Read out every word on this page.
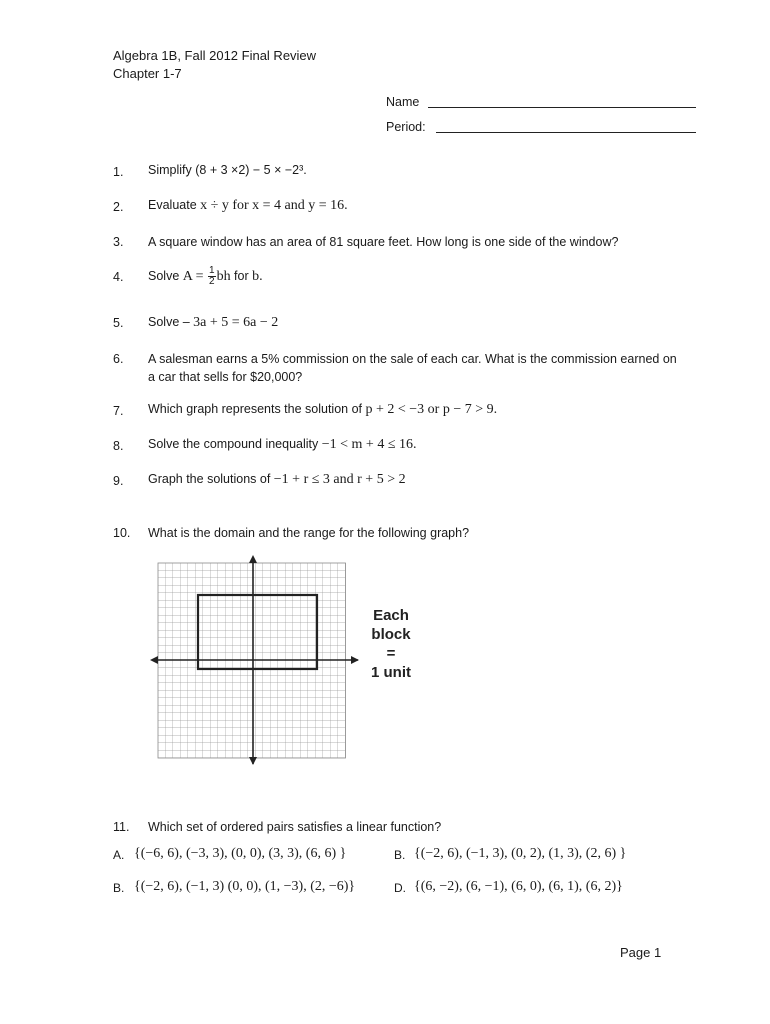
Algebra 1B, Fall 2012 Final Review
Chapter 1-7
Name
Period:
1. Simplify (8 + 3 ×2) − 5 × −2³.
2. Evaluate x ÷ y for x = 4 and y = 16.
3. A square window has an area of 81 square feet. How long is one side of the window?
4. Solve $A = \frac{1}{2}$ bh for b.
5. Solve – 3a + 5 = 6a − 2
6. A salesman earns a 5% commission on the sale of each car. What is the commission earned on
a car that sells for $20,000?
7. Which graph represents the solution of p + 2 < −3 or p − 7 > 9.
8. Solve the compound inequality −1 < m + 4 ≤ 16.
9. Graph the solutions of −1 + r ≤ 3 and r + 5 > 2
10. What is the domain and the range for the following graph?
Each
block =
1 unit
11. Which set of ordered pairs satisfies a linear function?
A. {(−6, 6), (−3, 3), (0, 0), (3, 3), (6, 6) }	B. {(−2, 6), (−1, 3), (0, 2), (1, 3), (2, 6) }
B. {(−2, 6), (−1, 3) (0, 0), (1, −3), (2, −6)}	D. {(6, −2), (6, −1), (6, 0), (6, 1), (6, 2)}
Page 1
